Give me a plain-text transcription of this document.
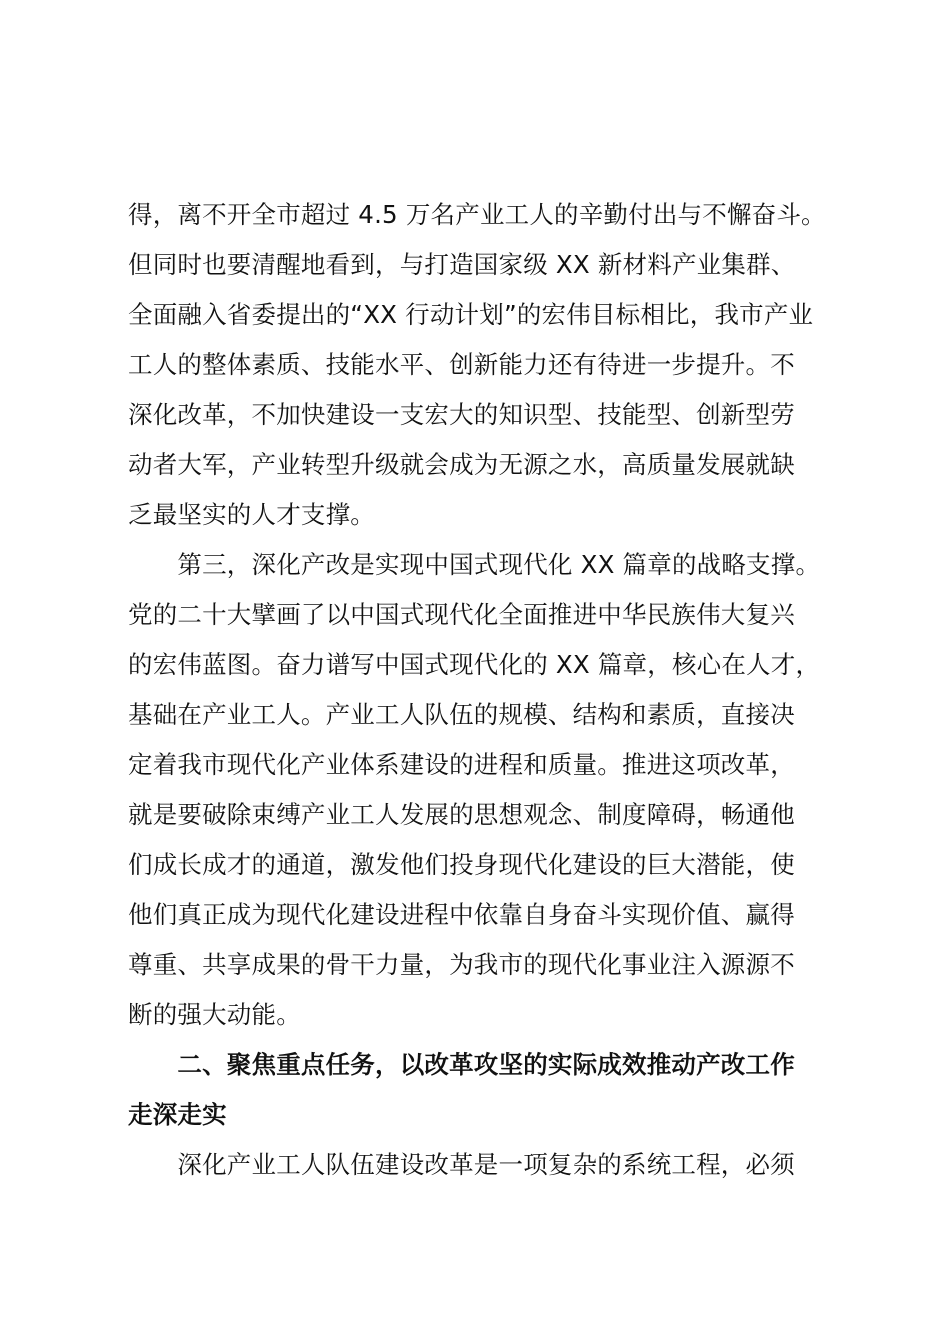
得，离不开全市超过 4.5 万名产业工人的辛勤付出与不懈奋斗。
但同时也要清醒地看到，与打造国家级 XX 新材料产业集群、
全面融入省委提出的“XX 行动计划”的宏伟目标相比，我市产业
工人的整体素质、技能水平、创新能力还有待进一步提升。不
深化改革，不加快建设一支宏大的知识型、技能型、创新型劳
动者大军，产业转型升级就会成为无源之水，高质量发展就缺
乏最坚实的人才支撑。
　　第三，深化产改是实现中国式现代化 XX 篇章的战略支撑。
党的二十大擘画了以中国式现代化全面推进中华民族伟大复兴
的宏伟蓝图。奋力谱写中国式现代化的 XX 篇章，核心在人才，
基础在产业工人。产业工人队伍的规模、结构和素质，直接决
定着我市现代化产业体系建设的进程和质量。推进这项改革，
就是要破除束缚产业工人发展的思想观念、制度障碍，畅通他
们成长成才的通道，激发他们投身现代化建设的巨大潜能，使
他们真正成为现代化建设进程中依靠自身奋斗实现价值、赢得
尊重、共享成果的骨干力量，为我市的现代化事业注入源源不
断的强大动能。
　　二、聚焦重点任务，以改革攻坚的实际成效推动产改工作
走深走实
　　深化产业工人队伍建设改革是一项复杂的系统工程，必须
